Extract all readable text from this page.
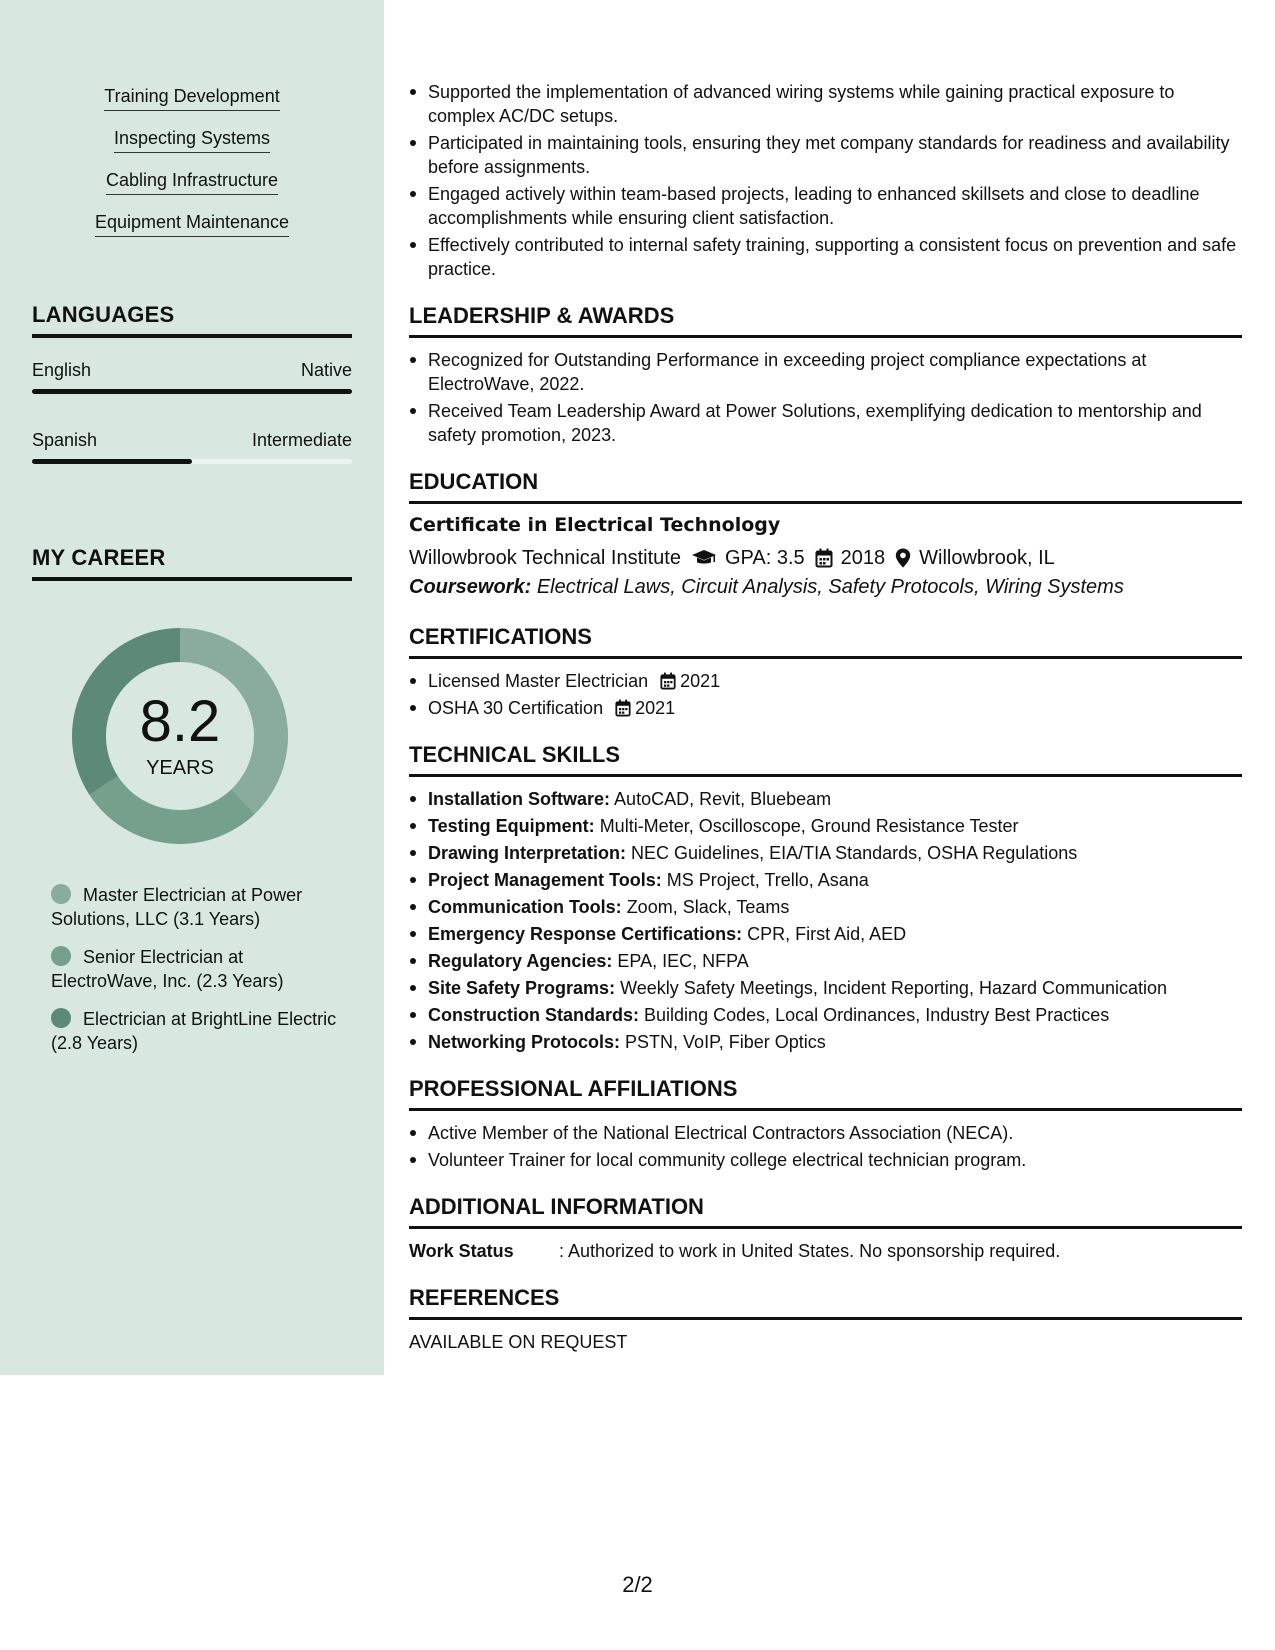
Training Development
Inspecting Systems
Cabling Infrastructure
Equipment Maintenance
LANGUAGES
English	Native
Spanish	Intermediate
MY CAREER
8.2
YEARS
Master Electrician at Power Solutions, LLC (3.1 Years)
Senior Electrician at ElectroWave, Inc. (2.3 Years)
Electrician at BrightLine Electric (2.8 Years)
Supported the implementation of advanced wiring systems while gaining practical exposure to complex AC/DC setups.
Participated in maintaining tools, ensuring they met company standards for readiness and availability before assignments.
Engaged actively within team-based projects, leading to enhanced skillsets and close to deadline accomplishments while ensuring client satisfaction.
Effectively contributed to internal safety training, supporting a consistent focus on prevention and safe practice.
LEADERSHIP & AWARDS
Recognized for Outstanding Performance in exceeding project compliance expectations at ElectroWave, 2022.
Received Team Leadership Award at Power Solutions, exemplifying dedication to mentorship and safety promotion, 2023.
EDUCATION
Certificate in Electrical Technology
Willowbrook Technical Institute GPA: 3.5 2018 Willowbrook, IL
Coursework: Electrical Laws, Circuit Analysis, Safety Protocols, Wiring Systems
CERTIFICATIONS
Licensed Master Electrician 2021
OSHA 30 Certification 2021
TECHNICAL SKILLS
Installation Software: AutoCAD, Revit, Bluebeam
Testing Equipment: Multi-Meter, Oscilloscope, Ground Resistance Tester
Drawing Interpretation: NEC Guidelines, EIA/TIA Standards, OSHA Regulations
Project Management Tools: MS Project, Trello, Asana
Communication Tools: Zoom, Slack, Teams
Emergency Response Certifications: CPR, First Aid, AED
Regulatory Agencies: EPA, IEC, NFPA
Site Safety Programs: Weekly Safety Meetings, Incident Reporting, Hazard Communication
Construction Standards: Building Codes, Local Ordinances, Industry Best Practices
Networking Protocols: PSTN, VoIP, Fiber Optics
PROFESSIONAL AFFILIATIONS
Active Member of the National Electrical Contractors Association (NECA).
Volunteer Trainer for local community college electrical technician program.
ADDITIONAL INFORMATION
Work Status	: Authorized to work in United States. No sponsorship required.
REFERENCES
AVAILABLE ON REQUEST
2/2
